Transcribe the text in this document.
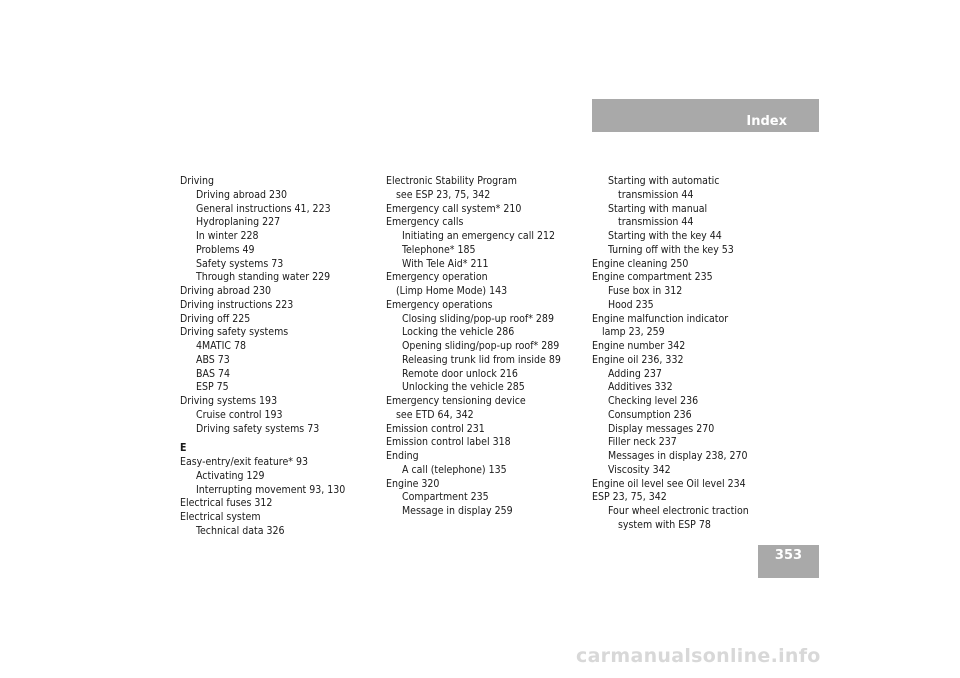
Index
Driving
Driving abroad 230
General instructions 41, 223
Hydroplaning 227
In winter 228
Problems 49
Safety systems 73
Through standing water 229
Driving abroad 230
Driving instructions 223
Driving off 225
Driving safety systems
4MATIC 78
ABS 73
BAS 74
ESP 75
Driving systems 193
Cruise control 193
Driving safety systems 73
E
Easy-entry/exit feature* 93
Activating 129
Interrupting movement 93, 130
Electrical fuses 312
Electrical system
Technical data 326
Electronic Stability Program
see ESP 23, 75, 342
Emergency call system* 210
Emergency calls
Initiating an emergency call 212
Telephone* 185
With Tele Aid* 211
Emergency operation
(Limp Home Mode) 143
Emergency operations
Closing sliding/pop-up roof* 289
Locking the vehicle 286
Opening sliding/pop-up roof* 289
Releasing trunk lid from inside 89
Remote door unlock 216
Unlocking the vehicle 285
Emergency tensioning device
see ETD 64, 342
Emission control 231
Emission control label 318
Ending
A call (telephone) 135
Engine 320
Compartment 235
Message in display 259
Starting with automatic
transmission 44
Starting with manual
transmission 44
Starting with the key 44
Turning off with the key 53
Engine cleaning 250
Engine compartment 235
Fuse box in 312
Hood 235
Engine malfunction indicator
lamp 23, 259
Engine number 342
Engine oil 236, 332
Adding 237
Additives 332
Checking level 236
Consumption 236
Display messages 270
Filler neck 237
Messages in display 238, 270
Viscosity 342
Engine oil level see Oil level 234
ESP 23, 75, 342
Four wheel electronic traction
system with ESP 78
353
carmanualsonline.info
